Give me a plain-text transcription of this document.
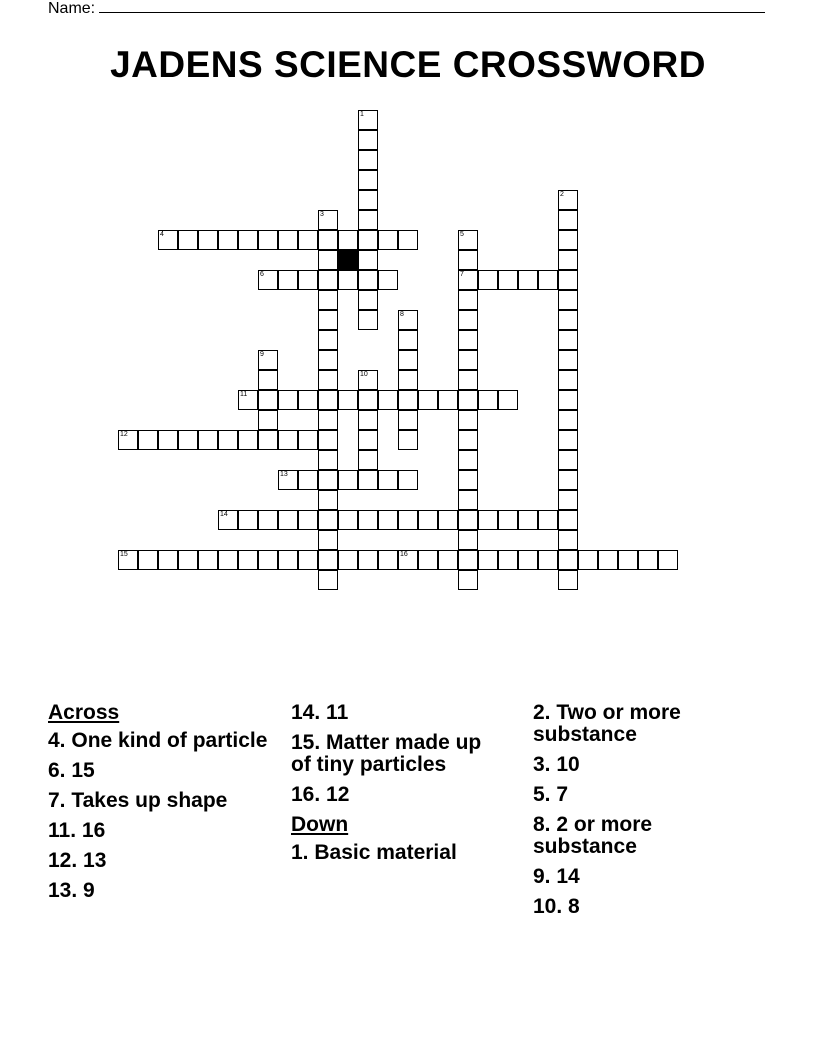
Name:
JADENS SCIENCE CROSSWORD
1
2
3
4	5
7
6
8
9
10
11
12
13
14
15	16
Across
4. One kind of particle
6. 15
7. Takes up shape
11. 16
12. 13
13. 9
14. 11
15. Matter made up of tiny particles
16. 12
Down
1. Basic material
2. Two or more substance
3. 10
5. 7
8. 2 or more substance
9. 14
10. 8
